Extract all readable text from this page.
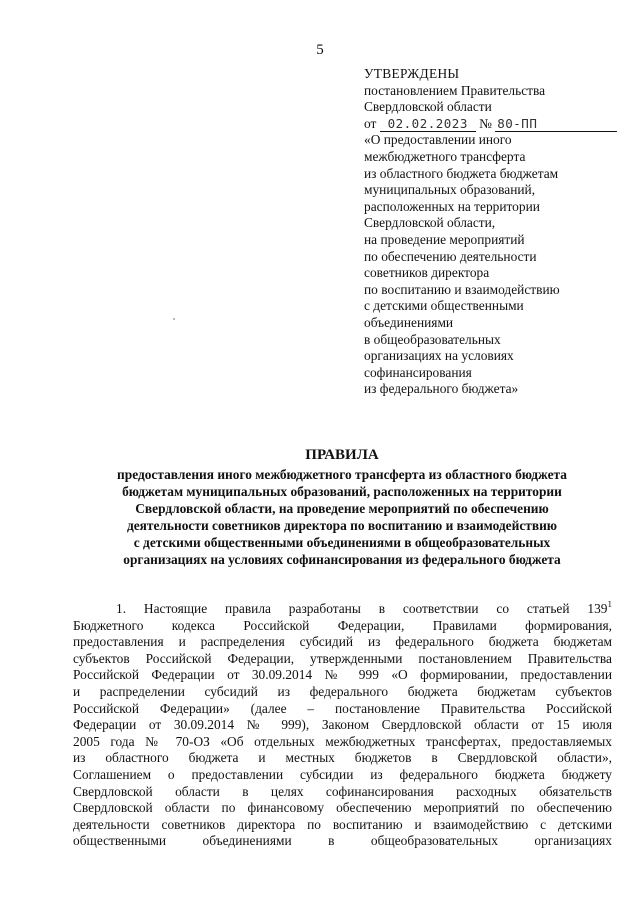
5
УТВЕРЖДЕНЫ
постановлением Правительства
Свердловской области
от 02.02.2023 № 80-ПП
«О предоставлении иного
межбюджетного трансферта
из областного бюджета бюджетам
муниципальных образований,
расположенных на территории
Свердловской области,
на проведение мероприятий
по обеспечению деятельности
советников директора
по воспитанию и взаимодействию
с детскими общественными
объединениями
в общеобразовательных
организациях на условиях
софинансирования
из федерального бюджета»
ПРАВИЛА
предоставления иного межбюджетного трансферта из областного бюджета
бюджетам муниципальных образований, расположенных на территории
Свердловской области, на проведение мероприятий по обеспечению
деятельности советников директора по воспитанию и взаимодействию
с детскими общественными объединениями в общеобразовательных
организациях на условиях софинансирования из федерального бюджета
1. Настоящие правила разработаны в соответствии со статьей $139^1$
Бюджетного кодекса Российской Федерации, Правилами формирования,
предоставления и распределения субсидий из федерального бюджета бюджетам
субъектов Российской Федерации, утвержденными постановлением Правительства
Российской Федерации от 30.09.2014 № 999 «О формировании, предоставлении
и распределении субсидий из федерального бюджета бюджетам субъектов
Российской Федерации» (далее – постановление Правительства Российской
Федерации от 30.09.2014 № 999), Законом Свердловской области от 15 июля
2005 года № 70-ОЗ «Об отдельных межбюджетных трансфертах, предоставляемых
из областного бюджета и местных бюджетов в Свердловской области»,
Соглашением о предоставлении субсидии из федерального бюджета бюджету
Свердловской области в целях софинансирования расходных обязательств
Свердловской области по финансовому обеспечению мероприятий по обеспечению
деятельности советников директора по воспитанию и взаимодействию с детскими
общественными объединениями в общеобразовательных организациях
